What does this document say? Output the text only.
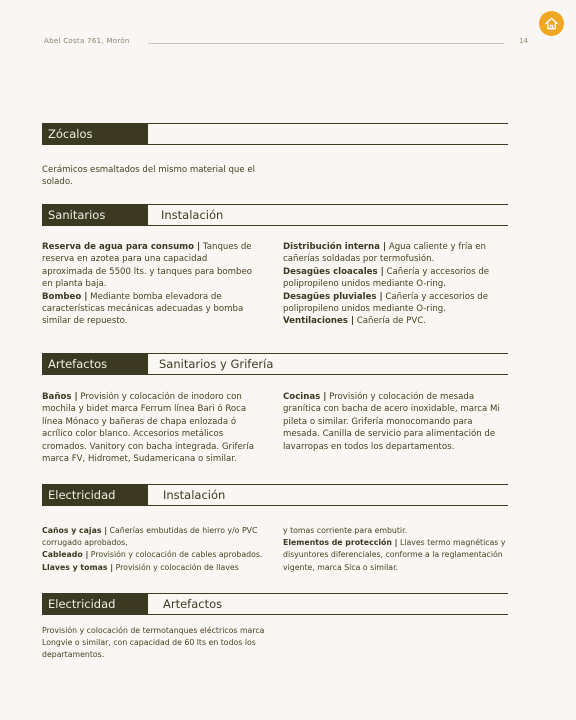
Abel Costa 761, Morón	14
Zócalos
Cerámicos esmaltados del mismo material que el solado.
Sanitarios	Instalación
Reserva de agua para consumo | Tanques de reserva en azotea para una capacidad aproximada de 5500 lts. y tanques para bombeo en planta baja.
Bombeo | Mediante bomba elevadora de características mecánicas adecuadas y bomba similar de repuesto.
Distribución interna | Agua caliente y fría en cañerías soldadas por termofusión.
Desagües cloacales | Cañería y accesorios de polipropileno unidos mediante O-ring.
Desagües pluviales | Cañería y accesorios de polipropileno unidos mediante O-ring.
Ventilaciones | Cañería de PVC.
Artefactos	Sanitarios y Grifería
Baños | Provisión y colocación de inodoro con mochila y bidet marca Ferrum línea Bari ó Roca línea Mónaco y bañeras de chapa enlozada ó acrílico color blanco. Accesorios metálicos cromados. Vanitory con bacha integrada. Grifería marca FV, Hidromet, Sudamericana o similar.
Cocinas | Provisión y colocación de mesada granítica con bacha de acero inoxidable, marca Mi pileta o similar. Grifería monocomando para mesada. Canilla de servicio para alimentación de lavarropas en todos los departamentos.
Electricidad	Instalación
Caños y cajas | Cañerías embutidas de hierro y/o PVC corrugado aprobados.
Cableado | Provisión y colocación de cables aprobados.
Llaves y tomas | Provisión y colocación de llaves
y tomas corriente para embutir.
Elementos de protección | Llaves termo magnéticas y disyuntores diferenciales, conforme a la reglamentación vigente, marca Sica o similar.
Electricidad	Artefactos
Provisión y colocación de termotanques eléctricos marca Longvie o similar, con capacidad de 60 lts en todos los departamentos.
